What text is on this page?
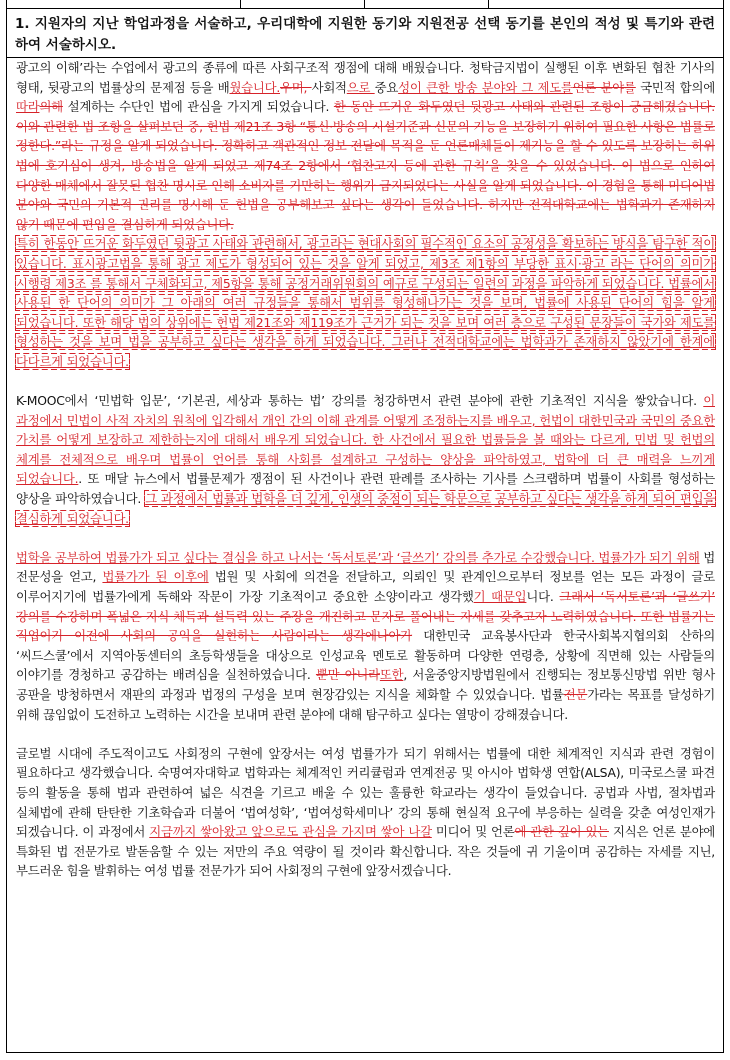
1. 지원자의 지난 학업과정을 서술하고, 우리대학에 지원한 동기와 지원전공 선택 동기를 본인의 적성 및 특기와 관련하여 서술하시오.

광고의 이해’라는 수업에서 광고의 종류에 따른 사회구조적 쟁점에 대해 배웠습니다. 청탁금지법이 실행된 이후 변화된 협찬 기사의 형태, 뒷광고의 법률상의 문제점 등을 배웠습니다.우며, 사회적으로 중요성이 큰한 방송 분야와 그 제도를언론 분야를 국민적 합의에 따라의해 설계하는 수단인 법에 관심을 가지게 되었습니다. 한 동안 뜨거운 화두였던 뒷광고 사태와 관련된 조항이 궁금해졌습니다. 이와 관련한 법 조항을 살펴보던 중, 헌법 제21조 3항 “통신·방송의 시설기준과 신문의 기능을 보장하기 위하여 필요한 사항은 법률로 정한다.”라는 규정을 알게 되었습니다. 정확하고 객관적인 정보 전달에 목적을 둔 언론매체들이 제기능을 할 수 있도록 보장하는 하위 법에 호기심이 생겨, 방송법을 알게 되었고 제74조 2항에서 ‘협찬고지 등에 관한 규칙’을 찾을 수 있었습니다. 이 법으로 인하여 다양한 매체에서 잘못된 협찬 명시로 인해 소비자를 기만하는 행위가 금지되었다는 사실을 알게 되었습니다. 이 경험을 통해 미디어법 분야와 국민의 기본적 권리를 명시해 둔 헌법을 공부해보고 싶다는 생각이 들었습니다. 하지만 전적대학교에는 법학과가 존재하지 않기 때문에 편입을 결심하게 되었습니다.

특히 한동안 뜨거운 화두였던 뒷광고 사태와 관련해서, 광고라는 현대사회의 필수적인 요소의 공정성을 확보하는 방식을 탐구한 적이 있습니다. 표시광고법을 통해 광고 제도가 형성되어 있는 것을 알게 되었고, 제3조 제1항의 부당한 표시·광고 라는 단어의 의미가 시행령 제3조 를 통해서 구체화되고, 제5항을 통해 공정거래위원회의 예규로 구성되는 일련의 과정을 파악하게 되었습니다. 법률에서 사용된 한 단어의 의미가 그 아래의 여러 규정들을 통해서 범위를 형성해나가는 것을 보며, 법률에 사용된 단어의 힘을 알게 되었습니다. 또한 해당 법의 상위에는 헌법 제21조와 제119조가 근거가 되는 것을 보며 여러 층으로 구성된 문장들이 국가와 제도를 형성하는 것을 보며 법을 공부하고 싶다는 생각을 하게 되었습니다. 그러나 전적대학교에는 법학과가 존재하지 않았기에 한계에 다다르게 되었습니다.

K-MOOC에서 ‘민법학 입문’, ‘기본권, 세상과 통하는 법’ 강의를 청강하면서 관련 분야에 관한 기초적인 지식을 쌓았습니다. 이 과정에서 민법이 사적 자치의 원칙에 입각해서 개인 간의 이해 관계를 어떻게 조정하는지를 배우고, 헌법이 대한민국과 국민의 중요한 가치를 어떻게 보장하고 제한하는지에 대해서 배우게 되었습니다. 한 사건에서 필요한 법률들을 볼 때와는 다르게, 민법 및 헌법의 체계를 전체적으로 배우며 법률이 언어를 통해 사회를 설계하고 구성하는 양상을 파악하였고, 법학에 더 큰 매력을 느끼게 되었습니다.. 또 매달 뉴스에서 법률문제가 쟁점이 된 사건이나 관련 판례를 조사하는 기사를 스크랩하며 법률이 사회를 형성하는 양상을 파악하였습니다. 그 과정에서 법률과 법학을 더 깊게, 인생의 중점이 되는 학문으로 공부하고 싶다는 생각을 하게 되어 편입을 결심하게 되었습니다.

법학을 공부하여 법률가가 되고 싶다는 결심을 하고 나서는 ‘독서토론’과 ‘글쓰기’ 강의를 추가로 수강했습니다. 법률가가 되기 위해 법 전문성을 얻고, 법률가가 된 이후에 법원 및 사회에 의견을 전달하고, 의뢰인 및 관계인으로부터 정보를 얻는 모든 과정이 글로 이루어지기에 법률가에게 독해와 작문이 가장 기초적이고 중요한 소양이라고 생각했기 때문입니다. 그래서 ‘독서토론’과 ‘글쓰기’ 강의를 수강하며 폭넓은 지식 체득과 설득력 있는 주장을 개진하고 문자로 풀어내는 자세를 갖추고자 노력하였습니다. 또한 법률가는 직업이기 이전에 사회의 공익을 실현하는 사람이라는 생각에나아가 대한민국 교육봉사단과 한국사회복지협의회 산하의 ‘씨드스쿨’에서 지역아동센터의 초등학생들을 대상으로 인성교육 멘토로 활동하며 다양한 연령층, 상황에 직면해 있는 사람들의 이야기를 경청하고 공감하는 배려심을 실천하였습니다. 뿐만 아니라또한, 서울중앙지방법원에서 진행되는 정보통신망법 위반 형사 공판을 방청하면서 재판의 과정과 법정의 구성을 보며 현장감있는 지식을 체화할 수 있었습니다. 법률전문가라는 목표를 달성하기 위해 끊임없이 도전하고 노력하는 시간을 보내며 관련 분야에 대해 탐구하고 싶다는 열망이 강해졌습니다.

글로벌 시대에 주도적이고도 사회정의 구현에 앞장서는 여성 법률가가 되기 위해서는 법률에 대한 체계적인 지식과 관련 경험이 필요하다고 생각했습니다. 숙명여자대학교 법학과는 체계적인 커리큘럼과 연계전공 및 아시아 법학생 연합(ALSA), 미국로스쿨 파견 등의 활동을 통해 법과 관련하여 넓은 식견을 기르고 배울 수 있는 훌륭한 학교라는 생각이 들었습니다. 공법과 사법, 절차법과 실체법에 관해 탄탄한 기초학습과 더불어 ‘법여성학’, ‘법여성학세미나’ 강의 통해 현실적 요구에 부응하는 실력을 갖춘 여성인재가 되겠습니다. 이 과정에서 지금까지 쌓아왔고 앞으로도 관심을 가지며 쌓아 나갈 미디어 및 언론에 관한 깊이 있는 지식은 언론 분야에 특화된 법 전문가로 발돋움할 수 있는 저만의 주요 역량이 될 것이라 확신합니다. 작은 것들에 귀 기울이며 공감하는 자세를 지닌, 부드러운 힘을 발휘하는 여성 법률 전문가가 되어 사회정의 구현에 앞장서겠습니다.
